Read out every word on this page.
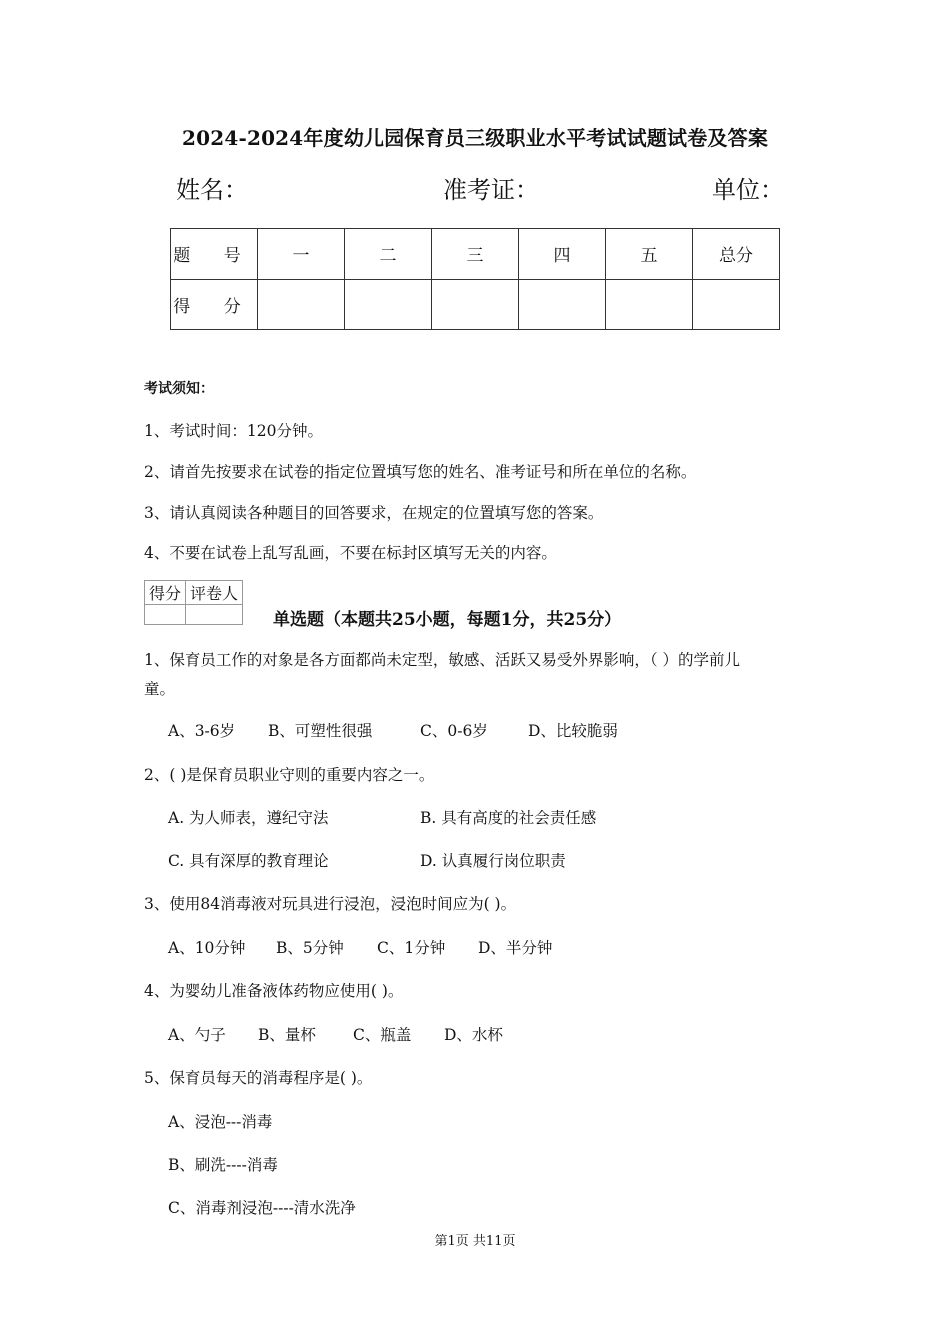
2024-2024年度幼儿园保育员三级职业水平考试试题试卷及答案
姓名：	准考证：	单位：
题 号	一	二	三	四	五	总分
得 分						
考试须知：
1、考试时间：120分钟。
2、请首先按要求在试卷的指定位置填写您的姓名、准考证号和所在单位的名称。
3、请认真阅读各种题目的回答要求，在规定的位置填写您的答案。
4、不要在试卷上乱写乱画，不要在标封区填写无关的内容。
得分	评卷人

单选题（本题共25小题，每题1分，共25分）
1、保育员工作的对象是各方面都尚未定型，敏感、活跃又易受外界影响，（ ）的学前儿
童。
A、3-6岁 B、可塑性很强	C、0-6岁	D、比较脆弱
2、( )是保育员职业守则的重要内容之一。
A. 为人师表，遵纪守法	B. 具有高度的社会责任感
C. 具有深厚的教育理论	D. 认真履行岗位职责
3、使用84消毒液对玩具进行浸泡，浸泡时间应为( )。
A、10分钟 B、5分钟 C、1分钟 D、半分钟
4、为婴幼儿准备液体药物应使用( )。
A、勺子 B、量杯 C、瓶盖 D、水杯
5、保育员每天的消毒程序是( )。
A、浸泡---消毒
B、刷洗----消毒
C、消毒剂浸泡----清水洗净
第1页 共11页
